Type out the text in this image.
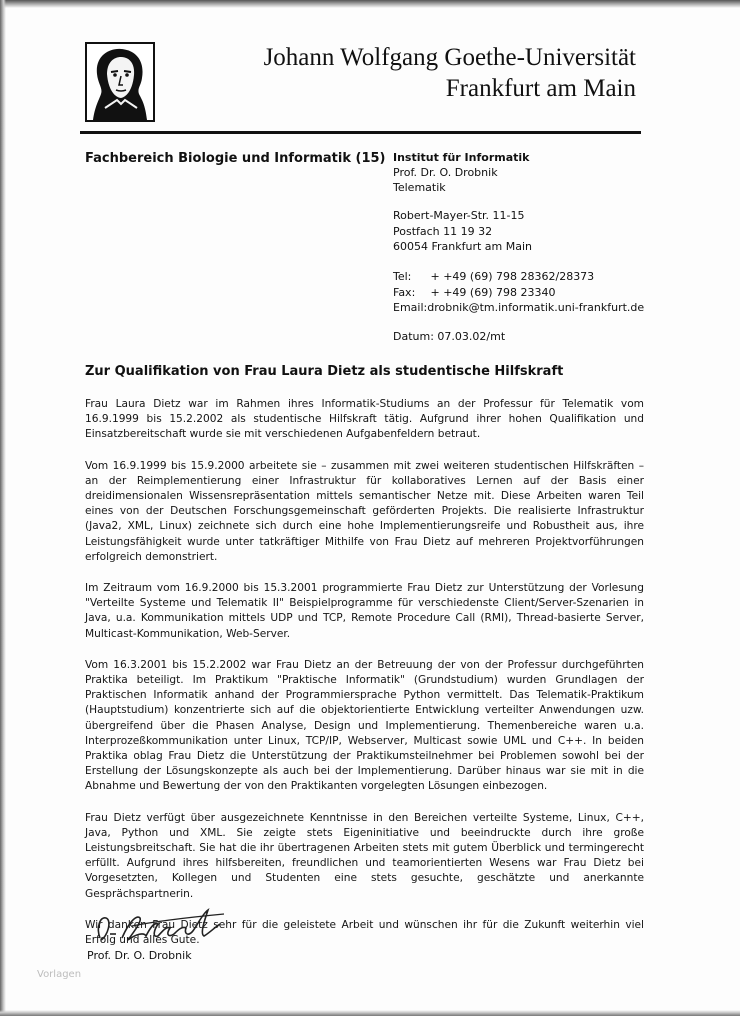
Johann Wolfgang Goethe-Universität
Frankfurt am Main
Fachbereich Biologie und Informatik (15) Institut für Informatik
Prof. Dr. O. Drobnik
Telematik
Robert-Mayer-Str. 11-15
Postfach 11 19 32
60054 Frankfurt am Main
Tel: + +49 (69) 798 28362/28373
Fax: + +49 (69) 798 23340
Email:drobnik@tm.informatik.uni-frankfurt.de
Datum: 07.03.02/mt
Zur Qualifikation von Frau Laura Dietz als studentische Hilfskraft

Frau Laura Dietz war im Rahmen ihres Informatik-Studiums an der Professur für Telematik vom 16.9.1999 bis 15.2.2002 als studentische Hilfskraft tätig. Aufgrund ihrer hohen Qualifikation und Einsatzbereitschaft wurde sie mit verschiedenen Aufgabenfeldern betraut.

Vom 16.9.1999 bis 15.9.2000 arbeitete sie – zusammen mit zwei weiteren studentischen Hilfskräften – an der Reimplementierung einer Infrastruktur für kollaboratives Lernen auf der Basis einer dreidimensionalen Wissensrepräsentation mittels semantischer Netze mit. Diese Arbeiten waren Teil eines von der Deutschen Forschungsgemeinschaft geförderten Projekts. Die realisierte Infrastruktur (Java2, XML, Linux) zeichnete sich durch eine hohe Implementierungsreife und Robustheit aus, ihre Leistungsfähigkeit wurde unter tatkräftiger Mithilfe von Frau Dietz auf mehreren Projektvorführungen erfolgreich demonstriert.

Im Zeitraum vom 16.9.2000 bis 15.3.2001 programmierte Frau Dietz zur Unterstützung der Vorlesung "Verteilte Systeme und Telematik II" Beispielprogramme für verschiedenste Client/Server-Szenarien in Java, u.a. Kommunikation mittels UDP und TCP, Remote Procedure Call (RMI), Thread-basierte Server, Multicast-Kommunikation, Web-Server.

Vom 16.3.2001 bis 15.2.2002 war Frau Dietz an der Betreuung der von der Professur durchgeführten Praktika beteiligt. Im Praktikum "Praktische Informatik" (Grundstudium) wurden Grundlagen der Praktischen Informatik anhand der Programmiersprache Python vermittelt. Das Telematik-Praktikum (Hauptstudium) konzentrierte sich auf die objektorientierte Entwicklung verteilter Anwendungen uzw. übergreifend über die Phasen Analyse, Design und Implementierung. Themenbereiche waren u.a. Interprozeßkommunikation unter Linux, TCP/IP, Webserver, Multicast sowie UML und C++. In beiden Praktika oblag Frau Dietz die Unterstützung der Praktikumsteilnehmer bei Problemen sowohl bei der Erstellung der Lösungskonzepte als auch bei der Implementierung. Darüber hinaus war sie mit in die Abnahme und Bewertung der von den Praktikanten vorgelegten Lösungen einbezogen.

Frau Dietz verfügt über ausgezeichnete Kenntnisse in den Bereichen verteilte Systeme, Linux, C++, Java, Python und XML. Sie zeigte stets Eigeninitiative und beeindruckte durch ihre große Leistungsbreitschaft. Sie hat die ihr übertragenen Arbeiten stets mit gutem Überblick und termingerecht erfüllt. Aufgrund ihres hilfsbereiten, freundlichen und teamorientierten Wesens war Frau Dietz bei Vorgesetzten, Kollegen und Studenten eine stets gesuchte, geschätzte und anerkannte Gesprächspartnerin.

Wir danken Frau Dietz sehr für die geleistete Arbeit und wünschen ihr für die Zukunft weiterhin viel Erfolg und alles Gute.

Prof. Dr. O. Drobnik
Vorlagen
